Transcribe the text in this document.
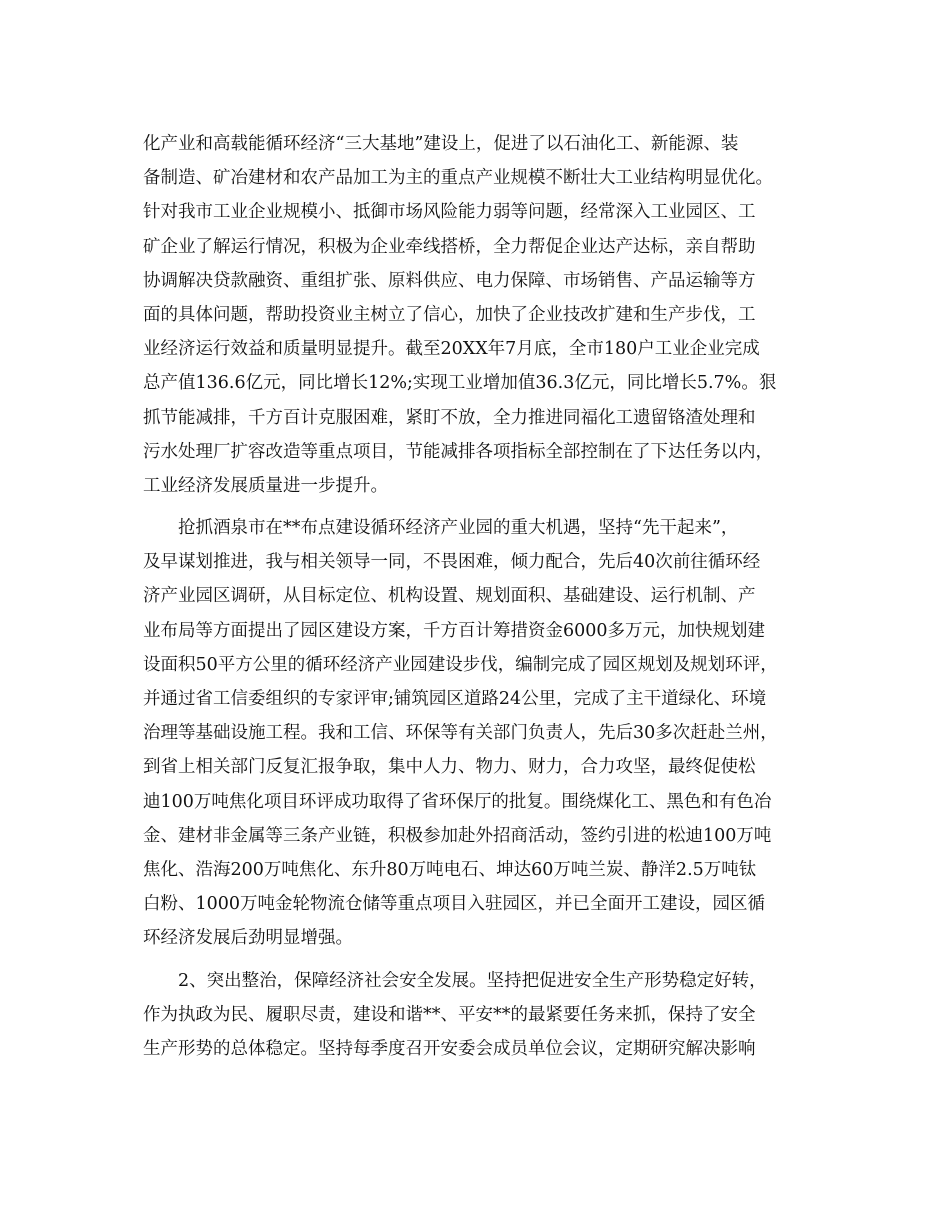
化产业和高载能循环经济“三大基地”建设上，促进了以石油化工、新能源、装
备制造、矿冶建材和农产品加工为主的重点产业规模不断壮大工业结构明显优化。
针对我市工业企业规模小、抵御市场风险能力弱等问题，经常深入工业园区、工
矿企业了解运行情况，积极为企业牵线搭桥，全力帮促企业达产达标，亲自帮助
协调解决贷款融资、重组扩张、原料供应、电力保障、市场销售、产品运输等方
面的具体问题，帮助投资业主树立了信心，加快了企业技改扩建和生产步伐，工
业经济运行效益和质量明显提升。截至20XX年7月底，全市180户工业企业完成
总产值136.6亿元，同比增长12%;实现工业增加值36.3亿元，同比增长5.7%。狠
抓节能减排，千方百计克服困难，紧盯不放，全力推进同福化工遗留铬渣处理和
污水处理厂扩容改造等重点项目，节能减排各项指标全部控制在了下达任务以内，
工业经济发展质量进一步提升。
　　抢抓酒泉市在**布点建设循环经济产业园的重大机遇，坚持“先干起来”，
及早谋划推进，我与相关领导一同，不畏困难，倾力配合，先后40次前往循环经
济产业园区调研，从目标定位、机构设置、规划面积、基础建设、运行机制、产
业布局等方面提出了园区建设方案，千方百计筹措资金6000多万元，加快规划建
设面积50平方公里的循环经济产业园建设步伐，编制完成了园区规划及规划环评，
并通过省工信委组织的专家评审;铺筑园区道路24公里，完成了主干道绿化、环境
治理等基础设施工程。我和工信、环保等有关部门负责人，先后30多次赶赴兰州，
到省上相关部门反复汇报争取，集中人力、物力、财力，合力攻坚，最终促使松
迪100万吨焦化项目环评成功取得了省环保厅的批复。围绕煤化工、黑色和有色冶
金、建材非金属等三条产业链，积极参加赴外招商活动，签约引进的松迪100万吨
焦化、浩海200万吨焦化、东升80万吨电石、坤达60万吨兰炭、静洋2.5万吨钛
白粉、1000万吨金轮物流仓储等重点项目入驻园区，并已全面开工建设，园区循
环经济发展后劲明显增强。
　　2、突出整治，保障经济社会安全发展。坚持把促进安全生产形势稳定好转，
作为执政为民、履职尽责，建设和谐**、平安**的最紧要任务来抓，保持了安全
生产形势的总体稳定。坚持每季度召开安委会成员单位会议，定期研究解决影响
